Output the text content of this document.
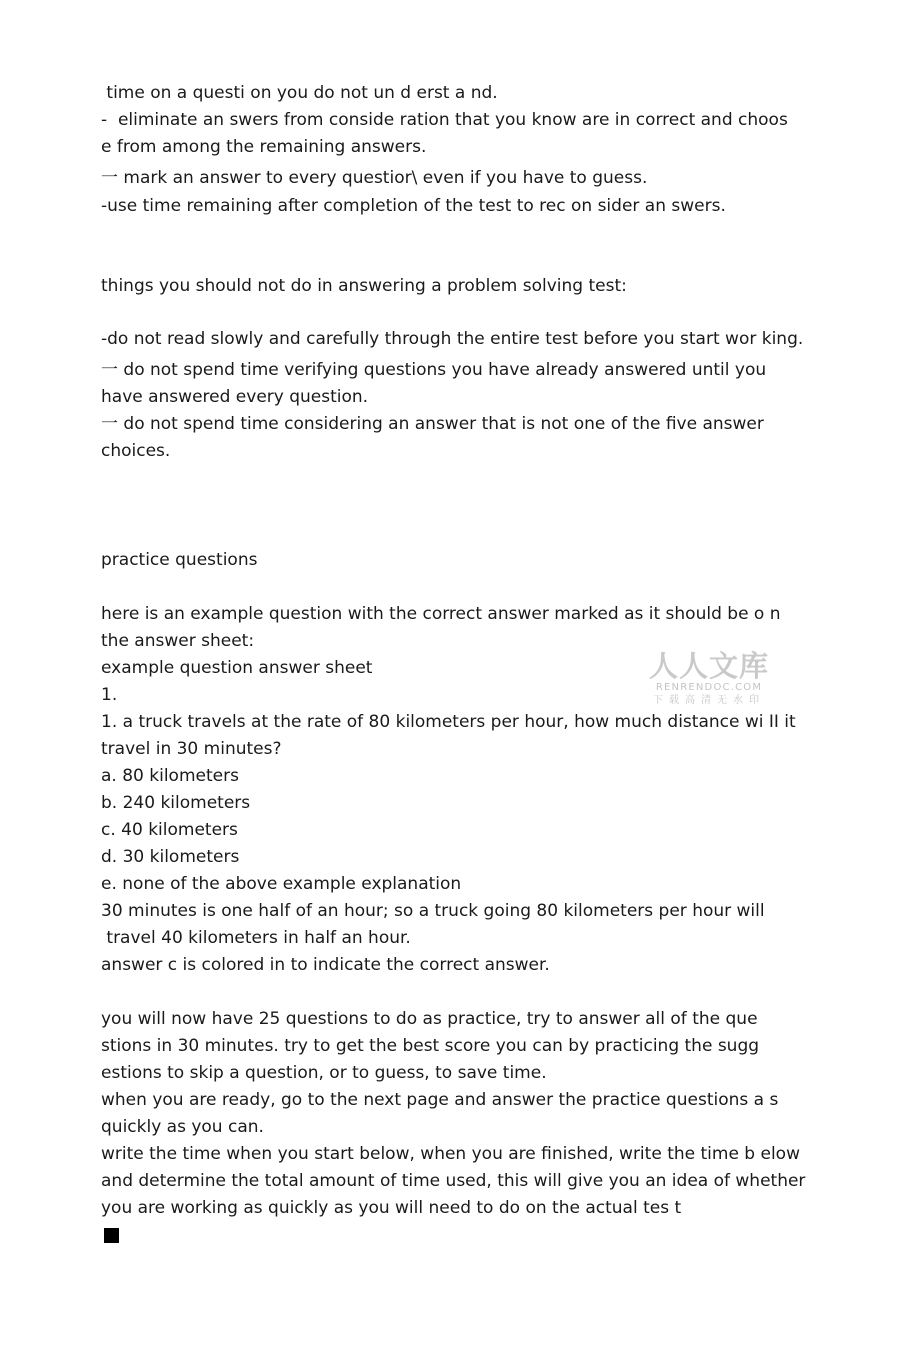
time on a questi on you do not un d erst a nd.
-  eliminate an swers from conside ration that you know are in correct and choos
e from among the remaining answers.
一 mark an answer to every questior\ even if you have to guess.
-use time remaining after completion of the test to rec on sider an swers.
things you should not do in answering a problem solving test:
-do not read slowly and carefully through the entire test before you start wor king.
一 do not spend time verifying questions you have already answered until you
have answered every question.
一 do not spend time considering an answer that is not one of the five answer
choices.
practice questions
here is an example question with the correct answer marked as it should be o n
the answer sheet:
example question answer sheet
1.
1. a truck travels at the rate of 80 kilometers per hour, how much distance wi II it
travel in 30 minutes?
a. 80 kilometers
b. 240 kilometers
c. 40 kilometers
d. 30 kilometers
e. none of the above example explanation
30 minutes is one half of an hour; so a truck going 80 kilometers per hour will
travel 40 kilometers in half an hour.
answer c is colored in to indicate the correct answer.
you will now have 25 questions to do as practice, try to answer all of the que
stions in 30 minutes. try to get the best score you can by practicing the sugg
estions to skip a question, or to guess, to save time.
when you are ready, go to the next page and answer the practice questions a s
quickly as you can.
write the time when you start below, when you are finished, write the time b elow
and determine the total amount of time used, this will give you an idea of whether
you are working as quickly as you will need to do on the actual tes t
人人文库
RENRENDOC.COM
下载高清无水印
